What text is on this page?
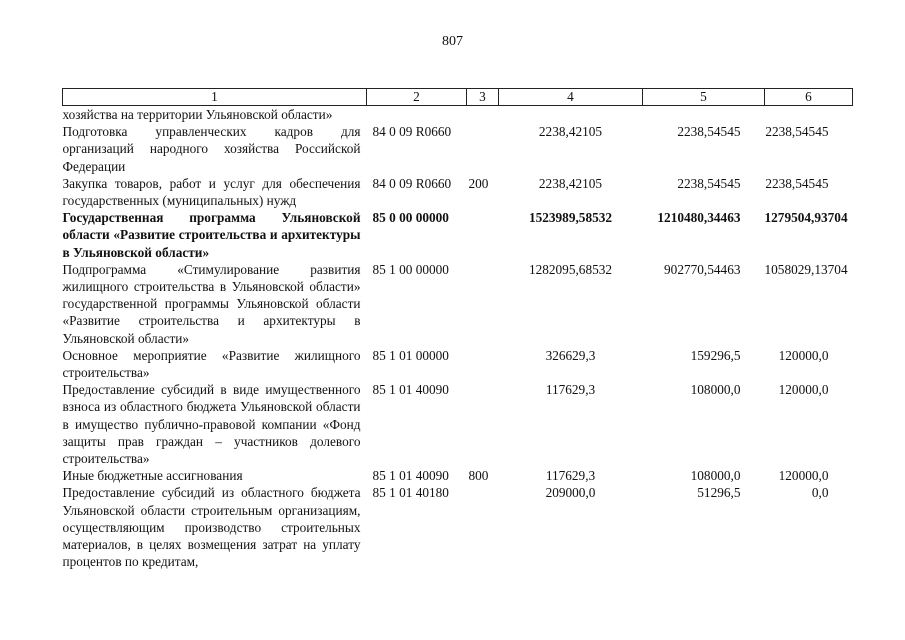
807
1	2	3	4	5	6
хозяйства на территории Ульяновской области»					
Подготовка управленческих кадров для организаций народного хозяйства Российской Федерации	84 0 09 R0660		2238,42105	2238,54545	2238,54545
Закупка товаров, работ и услуг для обеспечения государственных (муниципальных) нужд	84 0 09 R0660	200	2238,42105	2238,54545	2238,54545
Государственная программа Ульяновской области «Развитие строительства и архитектуры в Ульяновской области»	85 0 00 00000		1523989,58532	1210480,34463	1279504,93704
Подпрограмма «Стимулирование развития жилищного строительства в Ульяновской области» государственной программы Ульяновской области «Развитие строительства и архитектуры в Ульяновской области»	85 1 00 00000		1282095,68532	902770,54463	1058029,13704
Основное мероприятие «Развитие жилищного строительства»	85 1 01 00000		326629,3	159296,5	120000,0
Предоставление субсидий в виде имущественного взноса из областного бюджета Ульяновской области в имущество публично-правовой компании «Фонд защиты прав граждан – участников долевого строительства»	85 1 01 40090		117629,3	108000,0	120000,0
Иные бюджетные ассигнования	85 1 01 40090	800	117629,3	108000,0	120000,0
Предоставление субсидий из областного бюджета Ульяновской области строительным организациям, осуществляющим производство строительных материалов, в целях возмещения затрат на уплату процентов по кредитам,	85 1 01 40180		209000,0	51296,5	0,0
